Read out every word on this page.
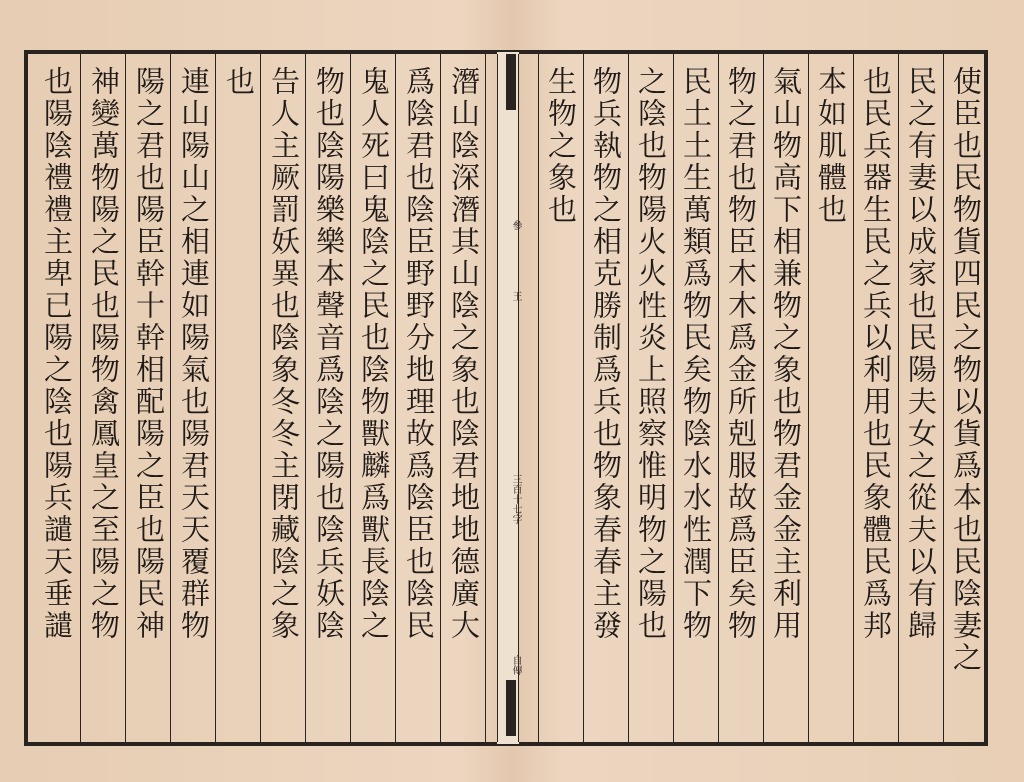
參
王
三百十七字
自傳	使臣也民物貨四民之物以貨爲本也民陰妻之
民之有妻以成家也民陽夫女之從夫以有歸
也民兵器生民之兵以利用也民象體民爲邦
本如肌體也
氣山物高下相兼物之象也物君金金主利用
物之君也物臣木木爲金所剋服故爲臣矣物
民土土生萬類爲物民矣物陰水水性潤下物
之陰也物陽火火性炎上照察惟明物之陽也
物兵執物之相克勝制爲兵也物象春春主發
生物之象也
潛山陰深潛其山陰之象也陰君地地德廣大
爲陰君也陰臣野野分地理故爲陰臣也陰民
鬼人死曰鬼陰之民也陰物獸麟爲獸長陰之
物也陰陽樂樂本聲音爲陰之陽也陰兵妖陰
告人主厥罰妖異也陰象冬冬主閉藏陰之象
也
連山陽山之相連如陽氣也陽君天天覆群物
陽之君也陽臣幹十幹相配陽之臣也陽民神
神變萬物陽之民也陽物禽鳳皇之至陽之物
也陽陰禮禮主卑已陽之陰也陽兵譴天垂譴
